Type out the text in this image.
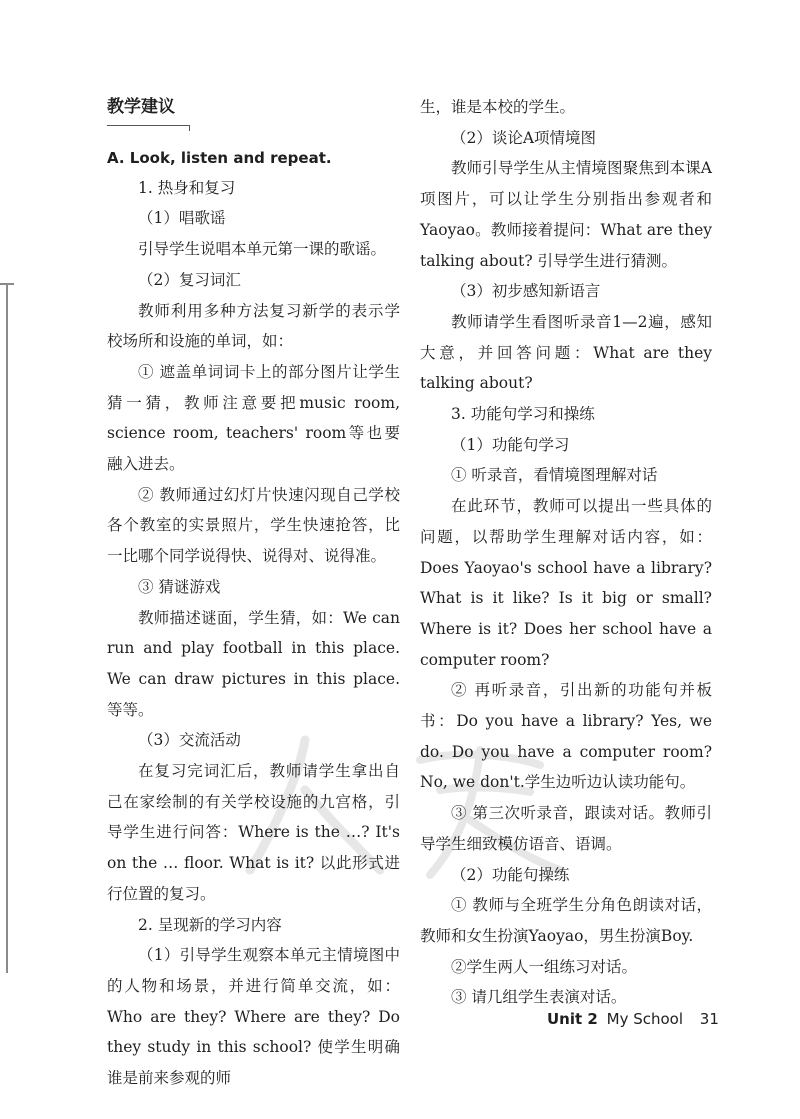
教学建议

A. Look, listen and repeat.

1. 热身和复习

（1）唱歌谣

引导学生说唱本单元第一课的歌谣。

（2）复习词汇

教师利用多种方法复习新学的表示学校场所和设施的单词，如：

① 遮盖单词词卡上的部分图片让学生猜一猜，教师注意要把music room, science room, teachers' room等也要融入进去。

② 教师通过幻灯片快速闪现自己学校各个教室的实景照片，学生快速抢答，比一比哪个同学说得快、说得对、说得准。

③ 猜谜游戏

教师描述谜面，学生猜，如：We can run and play football in this place. We can draw pictures in this place. 等等。

（3）交流活动

在复习完词汇后，教师请学生拿出自己在家绘制的有关学校设施的九宫格，引导学生进行问答：Where is the …? It's on the … floor. What is it? 以此形式进行位置的复习。

2. 呈现新的学习内容

（1）引导学生观察本单元主情境图中的人物和场景，并进行简单交流，如：Who are they? Where are they? Do they study in this school? 使学生明确谁是前来参观的师

生，谁是本校的学生。

（2）谈论A项情境图

教师引导学生从主情境图聚焦到本课A项图片，可以让学生分别指出参观者和Yaoyao。教师接着提问：What are they talking about? 引导学生进行猜测。

（3）初步感知新语言

教师请学生看图听录音1—2遍，感知大意，并回答问题：What are they talking about?

3. 功能句学习和操练

（1）功能句学习

① 听录音，看情境图理解对话

在此环节，教师可以提出一些具体的问题，以帮助学生理解对话内容，如：Does Yaoyao's school have a library? What is it like? Is it big or small? Where is it? Does her school have a computer room?

② 再听录音，引出新的功能句并板书：Do you have a library? Yes, we do. Do you have a computer room? No, we don't.学生边听边认读功能句。

③ 第三次听录音，跟读对话。教师引导学生细致模仿语音、语调。

（2）功能句操练

① 教师与全班学生分角色朗读对话，教师和女生扮演Yaoyao，男生扮演Boy.

②学生两人一组练习对话。

③ 请几组学生表演对话。

Unit 2 My School 31
